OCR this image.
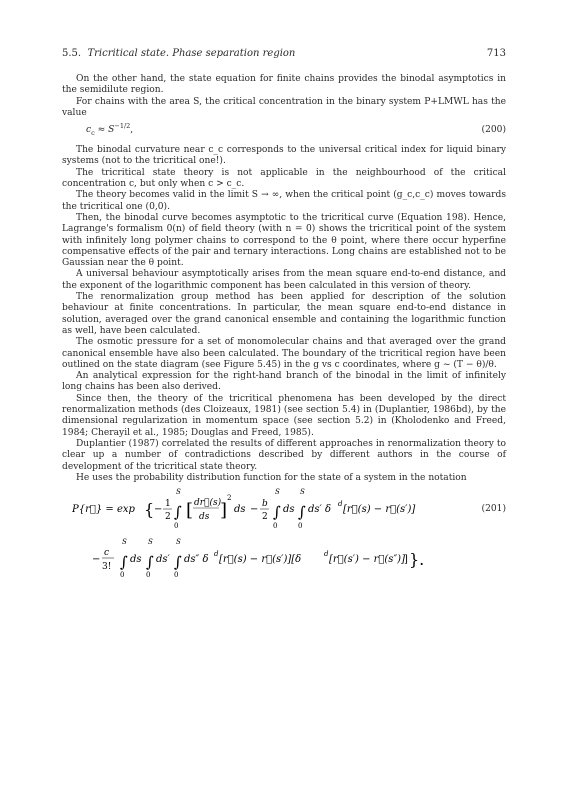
5.5. Tricritical state. Phase separation region	713

On the other hand, the state equation for finite chains provides the binodal asymptotics in the semidilute region.

For chains with the area S, the critical concentration in the binary system P+LMWL has the value

$c_c \approx S^{-1/2}$,	(200)

The binodal curvature near c_c corresponds to the universal critical index for liquid binary systems (not to the tricritical one!).

The tricritical state theory is not applicable in the neighbourhood of the critical concentration c, but only when c > c_c.

The theory becomes valid in the limit S → ∞, when the critical point (g_c,c_c) moves towards the tricritical one (0,0).

Then, the binodal curve becomes asymptotic to the tricritical curve (Equation 198). Hence, Lagrange's formalism 0(n) of field theory (with n = 0) shows the tricritical point of the system with infinitely long polymer chains to correspond to the θ point, where there occur hyperfine compensative effects of the pair and ternary interactions. Long chains are established not to be Gaussian near the θ point.

A universal behaviour asymptotically arises from the mean square end-to-end distance, and the exponent of the logarithmic component has been calculated in this version of theory.

The renormalization group method has been applied for description of the solution behaviour at finite concentrations. In particular, the mean square end-to-end distance in solution, averaged over the grand canonical ensemble and containing the logarithmic function as well, have been calculated.

The osmotic pressure for a set of monomolecular chains and that averaged over the grand canonical ensemble have also been calculated. The boundary of the tricritical region have been outlined on the state diagram (see Figure 5.45) in the g vs c coordinates, where g ~ (T − θ)/θ.

An analytical expression for the right-hand branch of the binodal in the limit of infinitely long chains has been also derived.

Since then, the theory of the tricritical phenomena has been developed by the direct renormalization methods (des Cloizeaux, 1981) (see section 5.4) in (Duplantier, 1986bd), by the dimensional regularization in momentum space (see section 5.2) in (Kholodenko and Freed, 1984; Cherayil et al., 1985; Douglas and Freed, 1985).

Duplantier (1987) correlated the results of different approaches in renormalization theory to clear up a number of contradictions described by different authors in the course of development of the tricritical state theory.

He uses the probability distribution function for the state of a system in the notation

P{r⃗} = exp { − 1
2
S
∫
0
[ dr⃗(s)
ds ]
2
ds − b
2
S
∫
0
ds
S
∫
0
ds′ δ d [r⃗(s) − r⃗(s′)]	(201)
−
c
3!
S
∫
0
ds
S
∫
0
ds′
S
∫
0
ds″ δ d [r⃗(s) − r⃗(s′)][δ	d [r⃗(s′) − r⃗(s″)] ] }.
